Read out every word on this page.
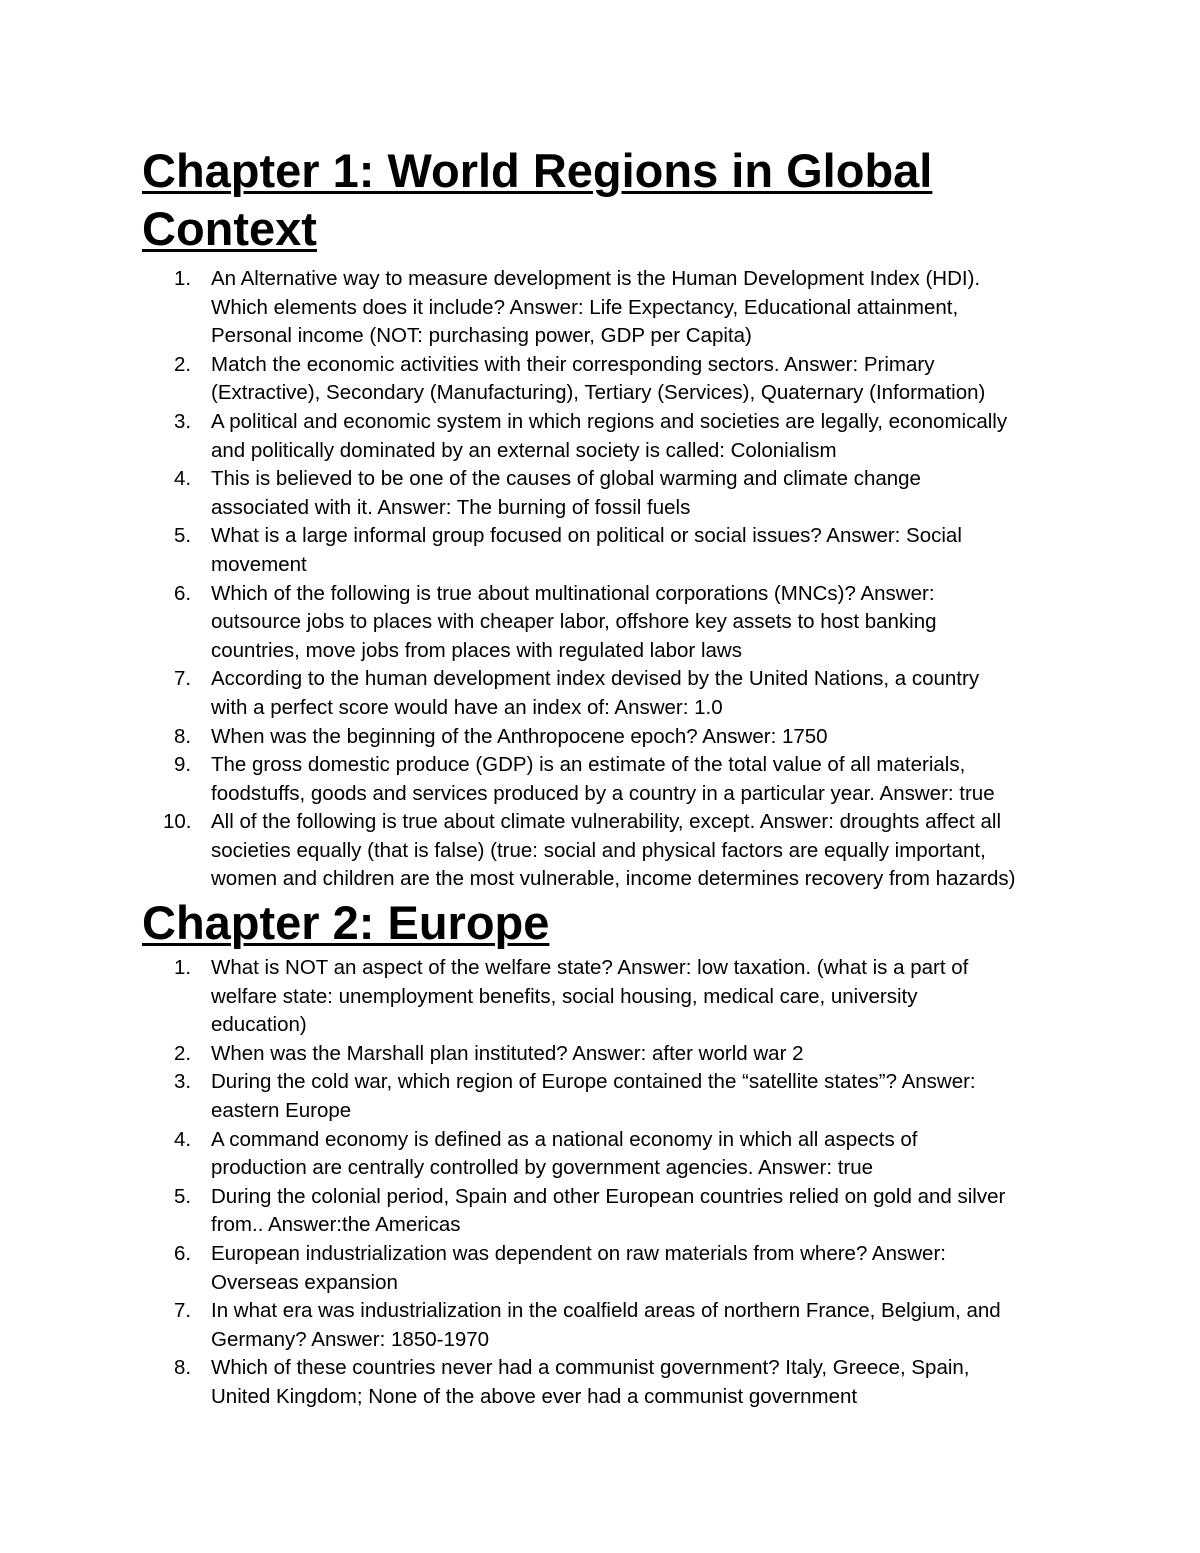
Chapter 1: World Regions in Global
Context
1. An Alternative way to measure development is the Human Development Index (HDI).
Which elements does it include? Answer: Life Expectancy, Educational attainment,
Personal income (NOT: purchasing power, GDP per Capita)
2. Match the economic activities with their corresponding sectors. Answer: Primary
(Extractive), Secondary (Manufacturing), Tertiary (Services), Quaternary (Information)
3. A political and economic system in which regions and societies are legally, economically
and politically dominated by an external society is called: Colonialism
4. This is believed to be one of the causes of global warming and climate change
associated with it. Answer: The burning of fossil fuels
5. What is a large informal group focused on political or social issues? Answer: Social
movement
6. Which of the following is true about multinational corporations (MNCs)? Answer:
outsource jobs to places with cheaper labor, offshore key assets to host banking
countries, move jobs from places with regulated labor laws
7. According to the human development index devised by the United Nations, a country
with a perfect score would have an index of: Answer: 1.0
8. When was the beginning of the Anthropocene epoch? Answer: 1750
9. The gross domestic produce (GDP) is an estimate of the total value of all materials,
foodstuffs, goods and services produced by a country in a particular year. Answer: true
10. All of the following is true about climate vulnerability, except. Answer: droughts affect all
societies equally (that is false) (true: social and physical factors are equally important,
women and children are the most vulnerable, income determines recovery from hazards)
Chapter 2: Europe
1. What is NOT an aspect of the welfare state? Answer: low taxation. (what is a part of
welfare state: unemployment benefits, social housing, medical care, university
education)
2. When was the Marshall plan instituted? Answer: after world war 2
3. During the cold war, which region of Europe contained the “satellite states”? Answer:
eastern Europe
4. A command economy is defined as a national economy in which all aspects of
production are centrally controlled by government agencies. Answer: true
5. During the colonial period, Spain and other European countries relied on gold and silver
from.. Answer:the Americas
6. European industrialization was dependent on raw materials from where? Answer:
Overseas expansion
7. In what era was industrialization in the coalfield areas of northern France, Belgium, and
Germany? Answer: 1850-1970
8. Which of these countries never had a communist government? Italy, Greece, Spain,
United Kingdom; None of the above ever had a communist government
